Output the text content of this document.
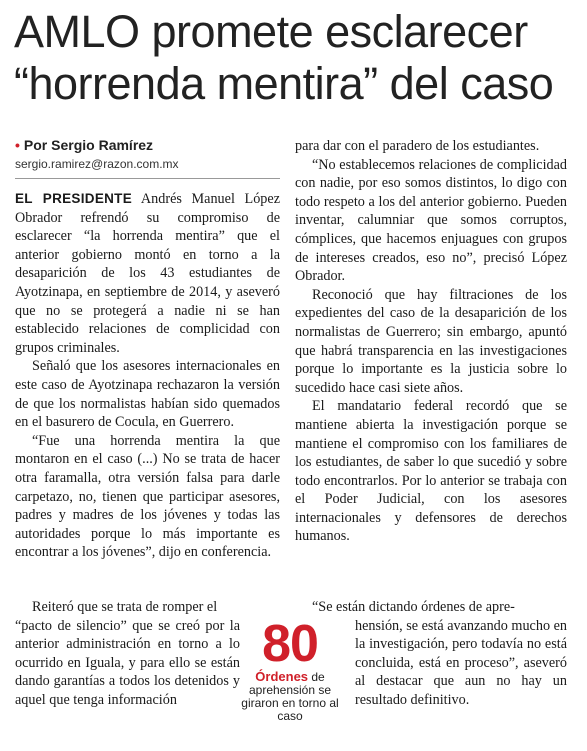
AMLO promete esclarecer
“horrenda mentira” del caso
• Por Sergio Ramírez
sergio.ramirez@razon.com.mx

EL PRESIDENTE Andrés Manuel López Obrador refrendó su compromiso de esclarecer “la horrenda mentira” que el anterior gobierno montó en torno a la desaparición de los 43 estudiantes de Ayotzinapa, en septiembre de 2014, y aseveró que no se protegerá a nadie ni se han establecido relaciones de complicidad con grupos criminales.

Señaló que los asesores internacionales en este caso de Ayotzinapa rechazaron la versión de que los normalistas habían sido quemados en el basurero de Cocula, en Guerrero.

“Fue una horrenda mentira la que montaron en el caso (...) No se trata de hacer otra faramalla, otra versión falsa para darle carpetazo, no, tienen que participar asesores, padres y madres de los jóvenes y todas las autoridades porque lo más importante es encontrar a los jóvenes”, dijo en conferencia.

Reiteró que se trata de romper el

“pacto de silencio” que se creó por la anterior administración en torno a lo ocurrido en Iguala, y para ello se están dando garantías a todos los detenidos y aquel que tenga información

80
Órdenes de aprehensión se giraron en torno al caso

para dar con el paradero de los estudiantes.

“No establecemos relaciones de complicidad con nadie, por eso somos distintos, lo digo con todo respeto a los del anterior gobierno. Pueden inventar, calumniar que somos corruptos, cómplices, que hacemos enjuagues con grupos de intereses creados, eso no”, precisó López Obrador.

Reconoció que hay filtraciones de los expedientes del caso de la desaparición de los normalistas de Guerrero; sin embargo, apuntó que habrá transparencia en las investigaciones porque lo importante es la justicia sobre lo sucedido hace casi siete años.

El mandatario federal recordó que se mantiene abierta la investigación porque se mantiene el compromiso con los familiares de los estudiantes, de saber lo que sucedió y sobre todo encontrarlos. Por lo anterior se trabaja con el Poder Judicial, con los asesores internacionales y defensores de derechos humanos.

“Se están dictando órdenes de apre-

hensión, se está avanzando mucho en la investigación, pero todavía no está concluida, está en proceso”, aseveró al destacar que aun no hay un resultado definitivo.
